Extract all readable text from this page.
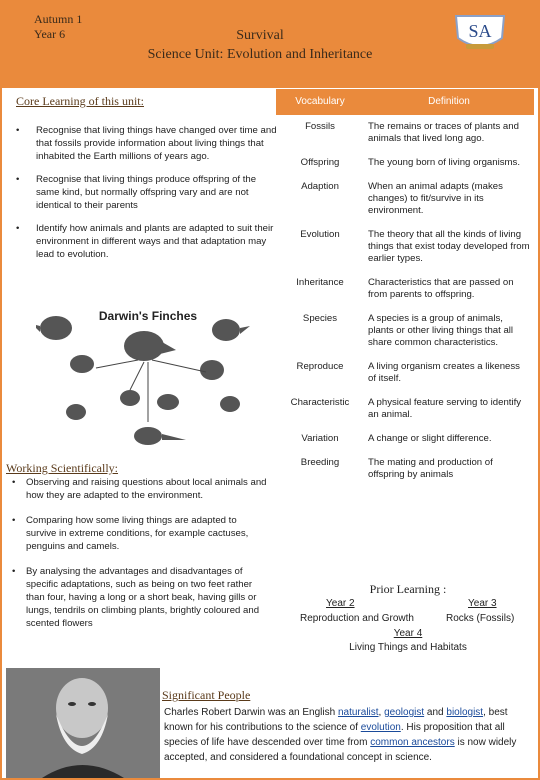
Autumn 1
Year 6	Survival
Science Unit: Evolution and Inheritance
SA
Core Learning of this unit:
• Recognise that living things have changed over time and that fossils provide information about living things that inhabited the Earth millions of years ago.
• Recognise that living things produce offspring of the same kind, but normally offspring vary and are not identical to their parents
• Identify how animals and plants are adapted to suit their environment in different ways and that adaptation may lead to evolution.
Darwin's Finches
Working Scientifically:
• Observing and raising questions about local animals and how they are adapted to the environment.
• Comparing how some living things are adapted to survive in extreme conditions, for example cactuses, penguins and camels.
• By analysing the advantages and disadvantages of specific adaptations, such as being on two feet rather than four, having a long or a short beak, having gills or lungs, tendrils on climbing plants, brightly coloured and scented flowers
Vocabulary	Definition
Fossils	The remains or traces of plants and animals that lived long ago.
Offspring	The young born of living organisms.
Adaption	When an animal adapts (makes changes) to fit/survive in its environment.
Evolution	The theory that all the kinds of living things that exist today developed from earlier types.
Inheritance	Characteristics that are passed on from parents to offspring.
Species	A species is a group of animals, plants or other living things that all share common characteristics.
Reproduce	A living organism creates a likeness of itself.
Characteristic	A physical feature serving to identify an animal.
Variation	A change or slight difference.
Breeding	The mating and production of offspring by animals
Prior Learning :
Year 2	Year 3
Reproduction and Growth	Rocks (Fossils)
Year 4
Living Things and Habitats
Significant People
Charles Robert Darwin was an English naturalist, geologist and biologist, best known for his contributions to the science of evolution. His proposition that all species of life have descended over time from common ancestors is now widely accepted, and considered a foundational concept in science.
